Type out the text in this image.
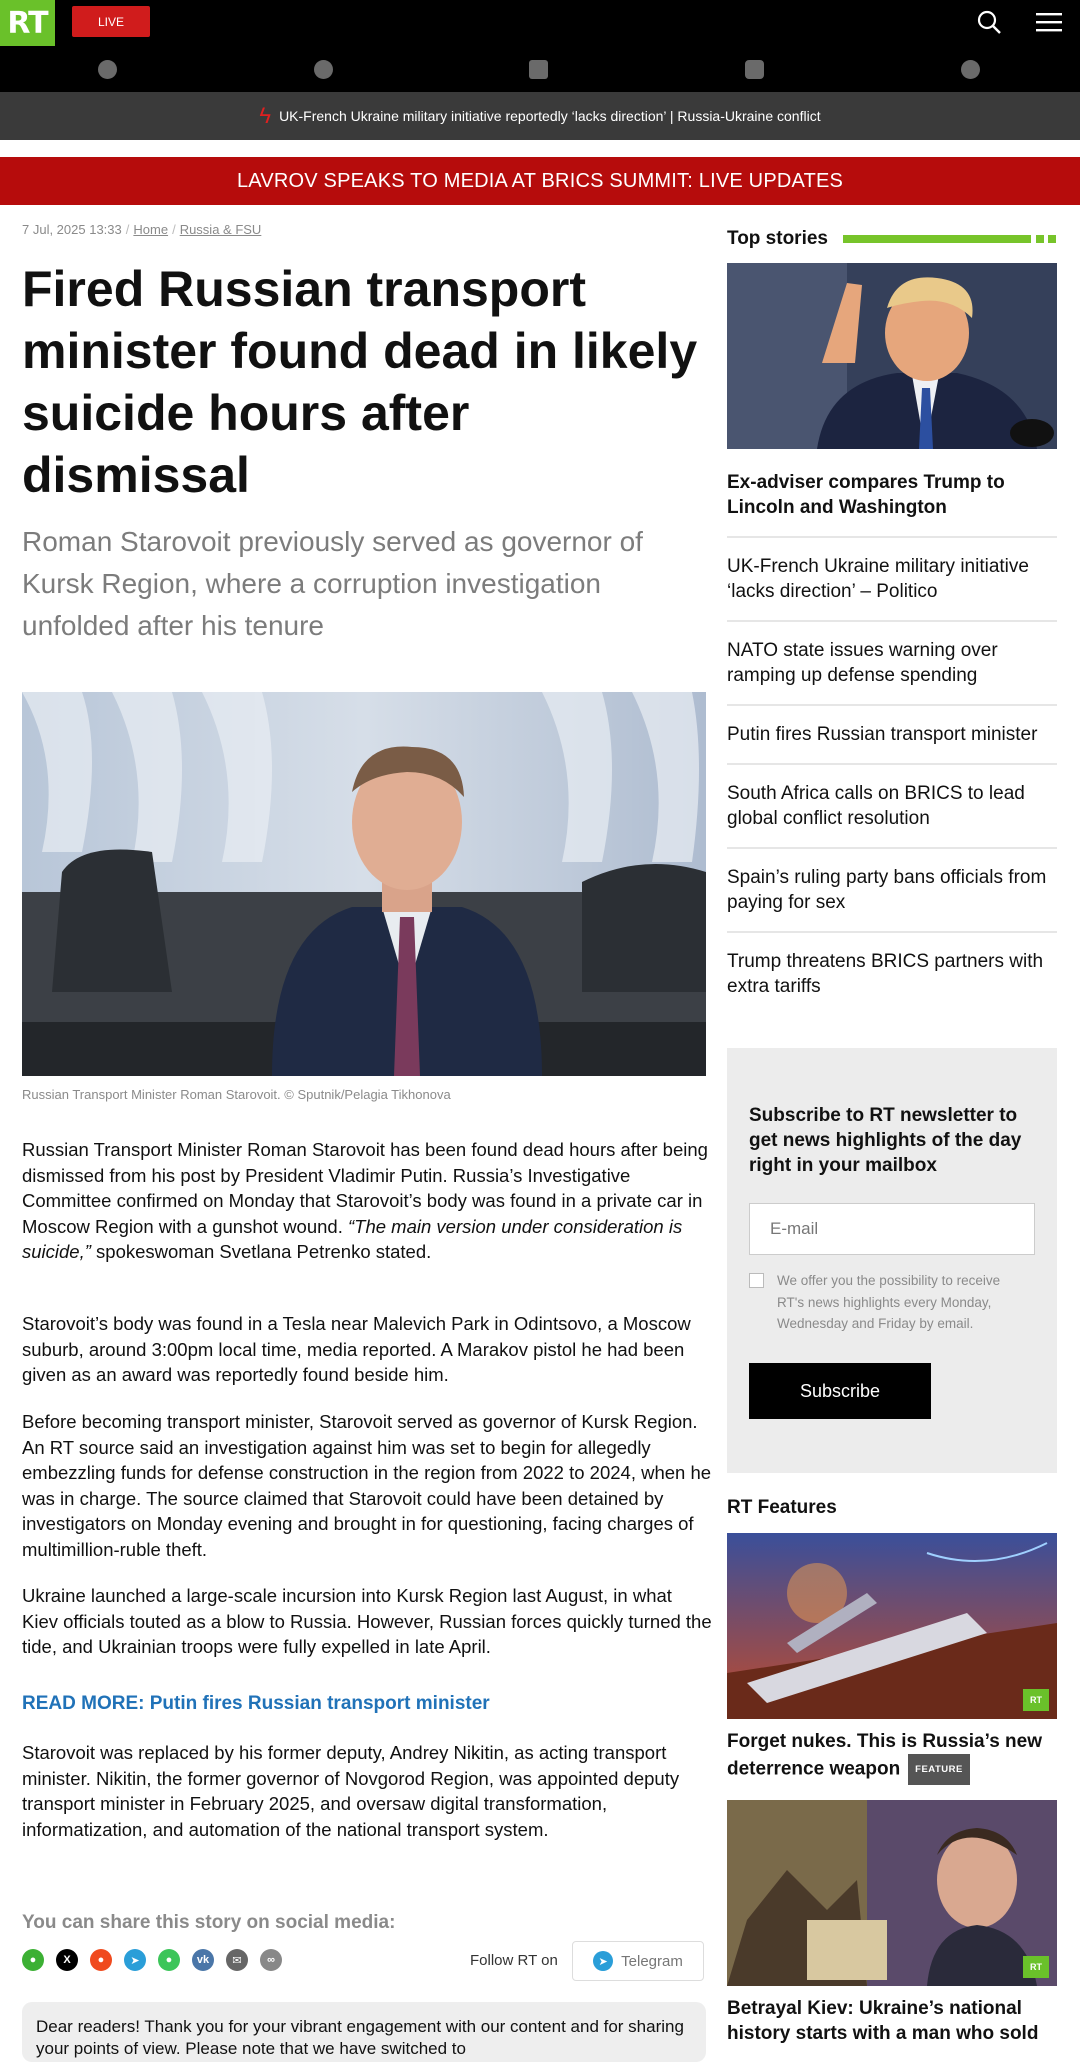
RT	LIVE
ϟ UK-French Ukraine military initiative reportedly ‘lacks direction’ | Russia-Ukraine conflict
LAVROV SPEAKS TO MEDIA AT BRICS SUMMIT: LIVE UPDATES
7 Jul, 2025 13:33 / Home / Russia & FSU
Fired Russian transport minister found dead in likely suicide hours after dismissal

Roman Starovoit previously served as governor of Kursk Region, where a corruption investigation unfolded after his tenure

Russian Transport Minister Roman Starovoit. © Sputnik/Pelagia Tikhonova
Russian Transport Minister Roman Starovoit has been found dead hours after being dismissed from his post by President Vladimir Putin. Russia’s Investigative Committee confirmed on Monday that Starovoit’s body was found in a private car in Moscow Region with a gunshot wound. “The main version under consideration is suicide,” spokeswoman Svetlana Petrenko stated.

Starovoit’s body was found in a Tesla near Malevich Park in Odintsovo, a Moscow suburb, around 3:00pm local time, media reported. A Marakov pistol he had been given as an award was reportedly found beside him.

Before becoming transport minister, Starovoit served as governor of Kursk Region. An RT source said an investigation against him was set to begin for allegedly embezzling funds for defense construction in the region from 2022 to 2024, when he was in charge. The source claimed that Starovoit could have been detained by investigators on Monday evening and brought in for questioning, facing charges of multimillion-ruble theft.

Ukraine launched a large-scale incursion into Kursk Region last August, in what Kiev officials touted as a blow to Russia. However, Russian forces quickly turned the tide, and Ukrainian troops were fully expelled in late April.

READ MORE: Putin fires Russian transport minister

Starovoit was replaced by his former deputy, Andrey Nikitin, as acting transport minister. Nikitin, the former governor of Novgorod Region, was appointed deputy transport minister in February 2025, and oversaw digital transformation, informatization, and automation of the national transport system.

You can share this story on social media:
●	X	●	➤	●	vk	✉	∞	Follow RT on	➤ Telegram
Dear readers! Thank you for your vibrant engagement with our content and for sharing your points of view. Please note that we have switched to
Top stories
Ex-adviser compares Trump to Lincoln and Washington
UK-French Ukraine military initiative ‘lacks direction’ – Politico
NATO state issues warning over ramping up defense spending
Putin fires Russian transport minister
South Africa calls on BRICS to lead global conflict resolution
Spain’s ruling party bans officials from paying for sex
Trump threatens BRICS partners with extra tariffs
Subscribe to RT newsletter to get news highlights of the day right in your mailbox
E-mail
We offer you the possibility to receive RT's news highlights every Monday, Wednesday and Friday by email.
Subscribe
RT Features
RT
Forget nukes. This is Russia’s new deterrence weapon FEATURE
RT
Betrayal Kiev: Ukraine’s national history starts with a man who sold
